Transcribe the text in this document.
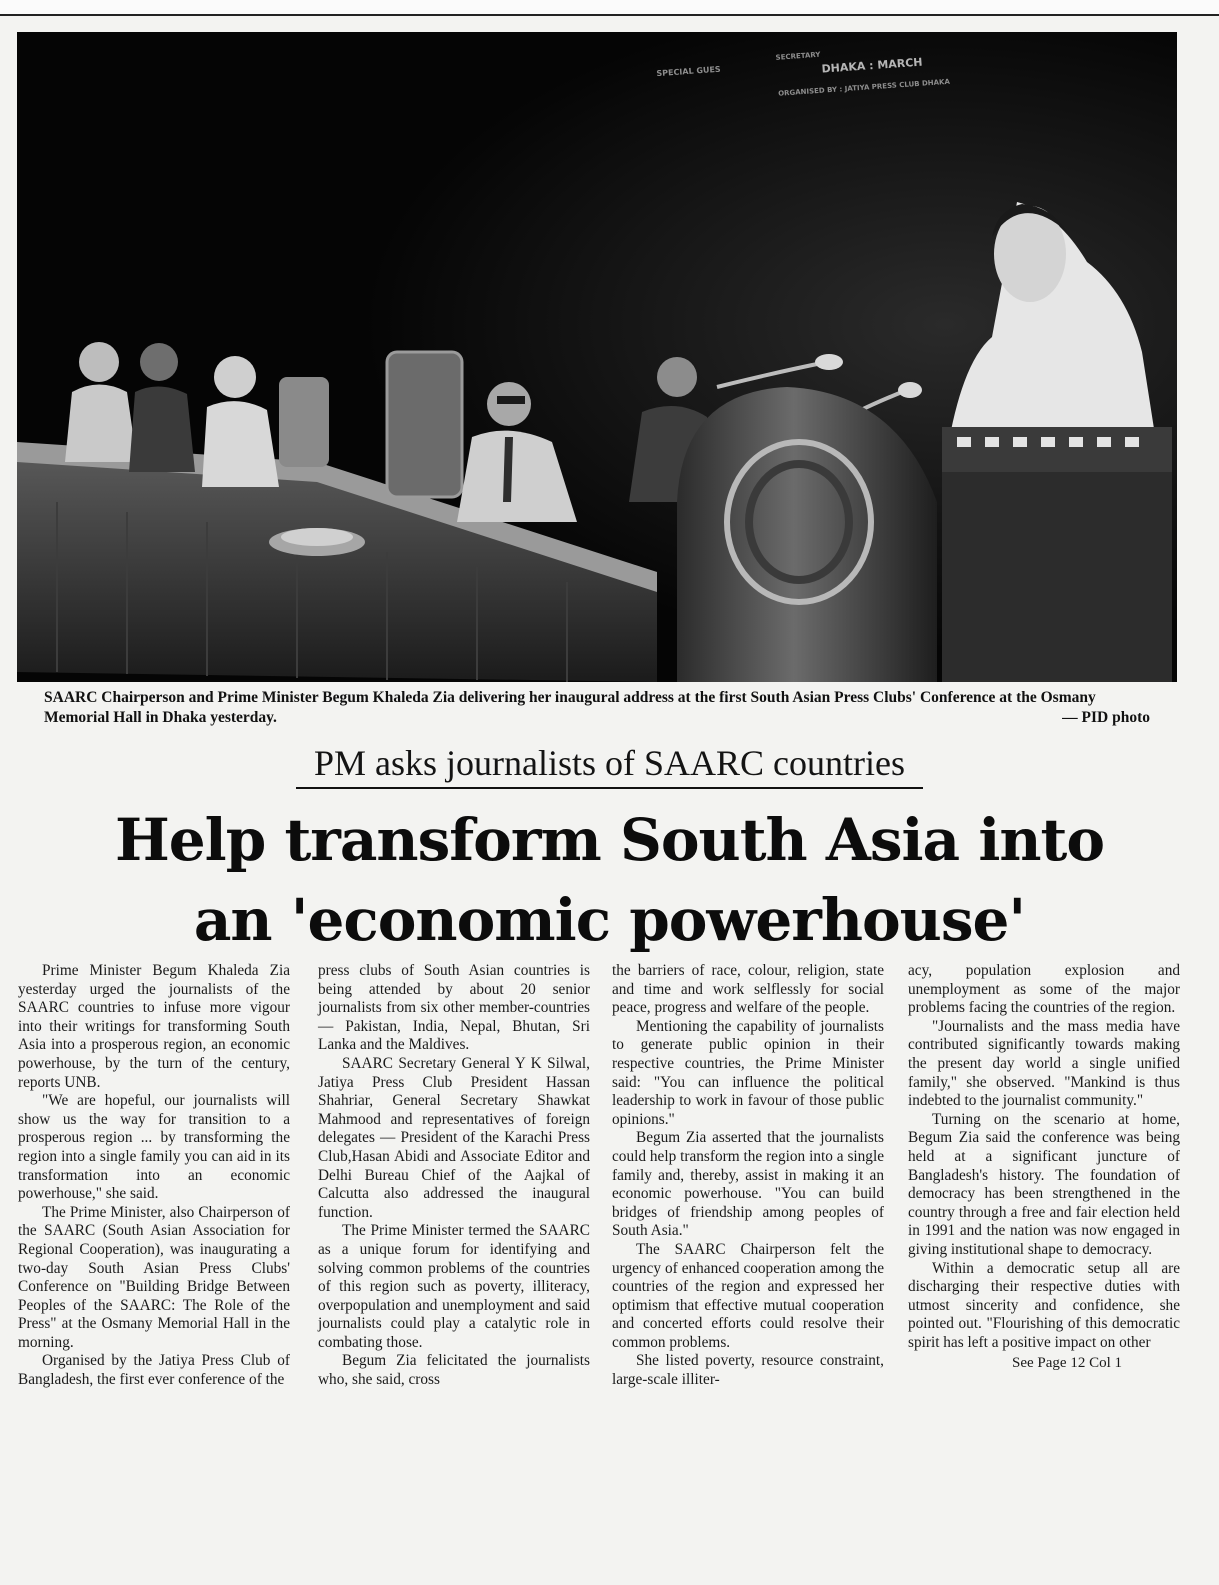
SPECIAL GUES
SECRETARY DHAKA : MARCH
ORGANISED BY : JATIYA PRESS CLUB DHAKA
SAARC Chairperson and Prime Minister Begum Khaleda Zia delivering her inaugural address at the first South Asian Press Clubs' Conference at the Osmany Memorial Hall in Dhaka yesterday.	— PID photo
PM asks journalists of SAARC countries
Help transform South Asia into
an 'economic powerhouse'

Prime Minister Begum Khaleda Zia yesterday urged the journalists of the SAARC countries to infuse more vigour into their writings for transforming South Asia into a prosperous region, an economic powerhouse, by the turn of the century, reports UNB.

"We are hopeful, our journalists will show us the way for transition to a prosperous region ... by transforming the region into a single family you can aid in its transformation into an economic powerhouse," she said.

The Prime Minister, also Chairperson of the SAARC (South Asian Association for Regional Cooperation), was inaugurating a two-day South Asian Press Clubs' Conference on "Building Bridge Between Peoples of the SAARC: The Role of the Press" at the Osmany Memorial Hall in the morning.

Organised by the Jatiya Press Club of Bangladesh, the first ever conference of the

press clubs of South Asian countries is being attended by about 20 senior journalists from six other member-countries — Pakistan, India, Nepal, Bhutan, Sri Lanka and the Maldives.

SAARC Secretary General Y K Silwal, Jatiya Press Club President Hassan Shahriar, General Secretary Shawkat Mahmood and representatives of foreign delegates — President of the Karachi Press Club,Hasan Abidi and Associate Editor and Delhi Bureau Chief of the Aajkal of Calcutta also addressed the inaugural function.

The Prime Minister termed the SAARC as a unique forum for identifying and solving common problems of the countries of this region such as poverty, illiteracy, overpopulation and unemployment and said journalists could play a catalytic role in combating those.

Begum Zia felicitated the journalists who, she said, cross

the barriers of race, colour, religion, state and time and work selflessly for social peace, progress and welfare of the people.

Mentioning the capability of journalists to generate public opinion in their respective countries, the Prime Minister said: "You can influence the political leadership to work in favour of those public opinions."

Begum Zia asserted that the journalists could help transform the region into a single family and, thereby, assist in making it an economic powerhouse. "You can build bridges of friendship among peoples of South Asia."

The SAARC Chairperson felt the urgency of enhanced cooperation among the countries of the region and expressed her optimism that effective mutual cooperation and concerted efforts could resolve their common problems.

She listed poverty, resource constraint, large-scale illiter-

acy, population explosion and unemployment as some of the major problems facing the countries of the region.

"Journalists and the mass media have contributed significantly towards making the present day world a single unified family," she observed. "Mankind is thus indebted to the journalist community."

Turning on the scenario at home, Begum Zia said the conference was being held at a significant juncture of Bangladesh's history. The foundation of democracy has been strengthened in the country through a free and fair election held in 1991 and the nation was now engaged in giving institutional shape to democracy.

Within a democratic setup all are discharging their respective duties with utmost sincerity and confidence, she pointed out. "Flourishing of this democratic spirit has left a positive impact on other

See Page 12 Col 1
